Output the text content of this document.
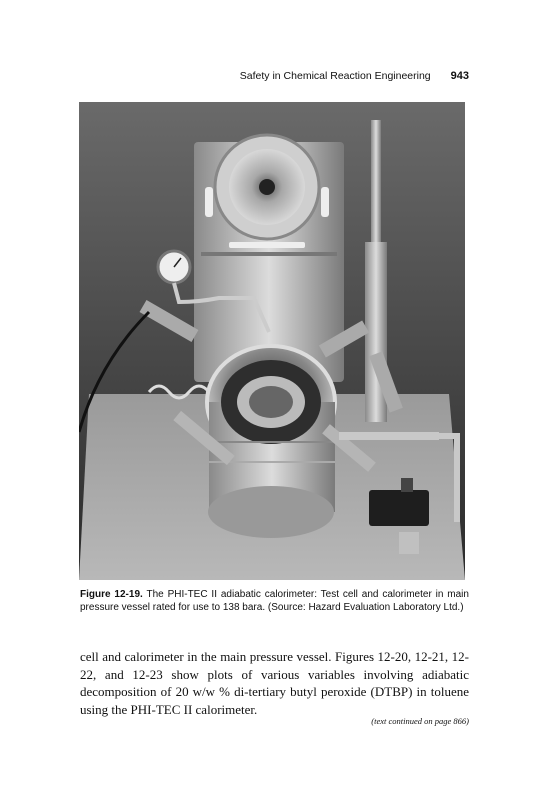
Safety in Chemical Reaction Engineering 943
Figure 12-19. The PHI-TEC II adiabatic calorimeter: Test cell and calorimeter in main pressure vessel rated for use to 138 bara. (Source: Hazard Evaluation Laboratory Ltd.)
cell and calorimeter in the main pressure vessel. Figures 12-20, 12-21, 12-22, and 12-23 show plots of various variables involving adiabatic decomposition of 20 w/w % di-tertiary butyl peroxide (DTBP) in toluene using the PHI-TEC II calorimeter.
(text continued on page 866)
